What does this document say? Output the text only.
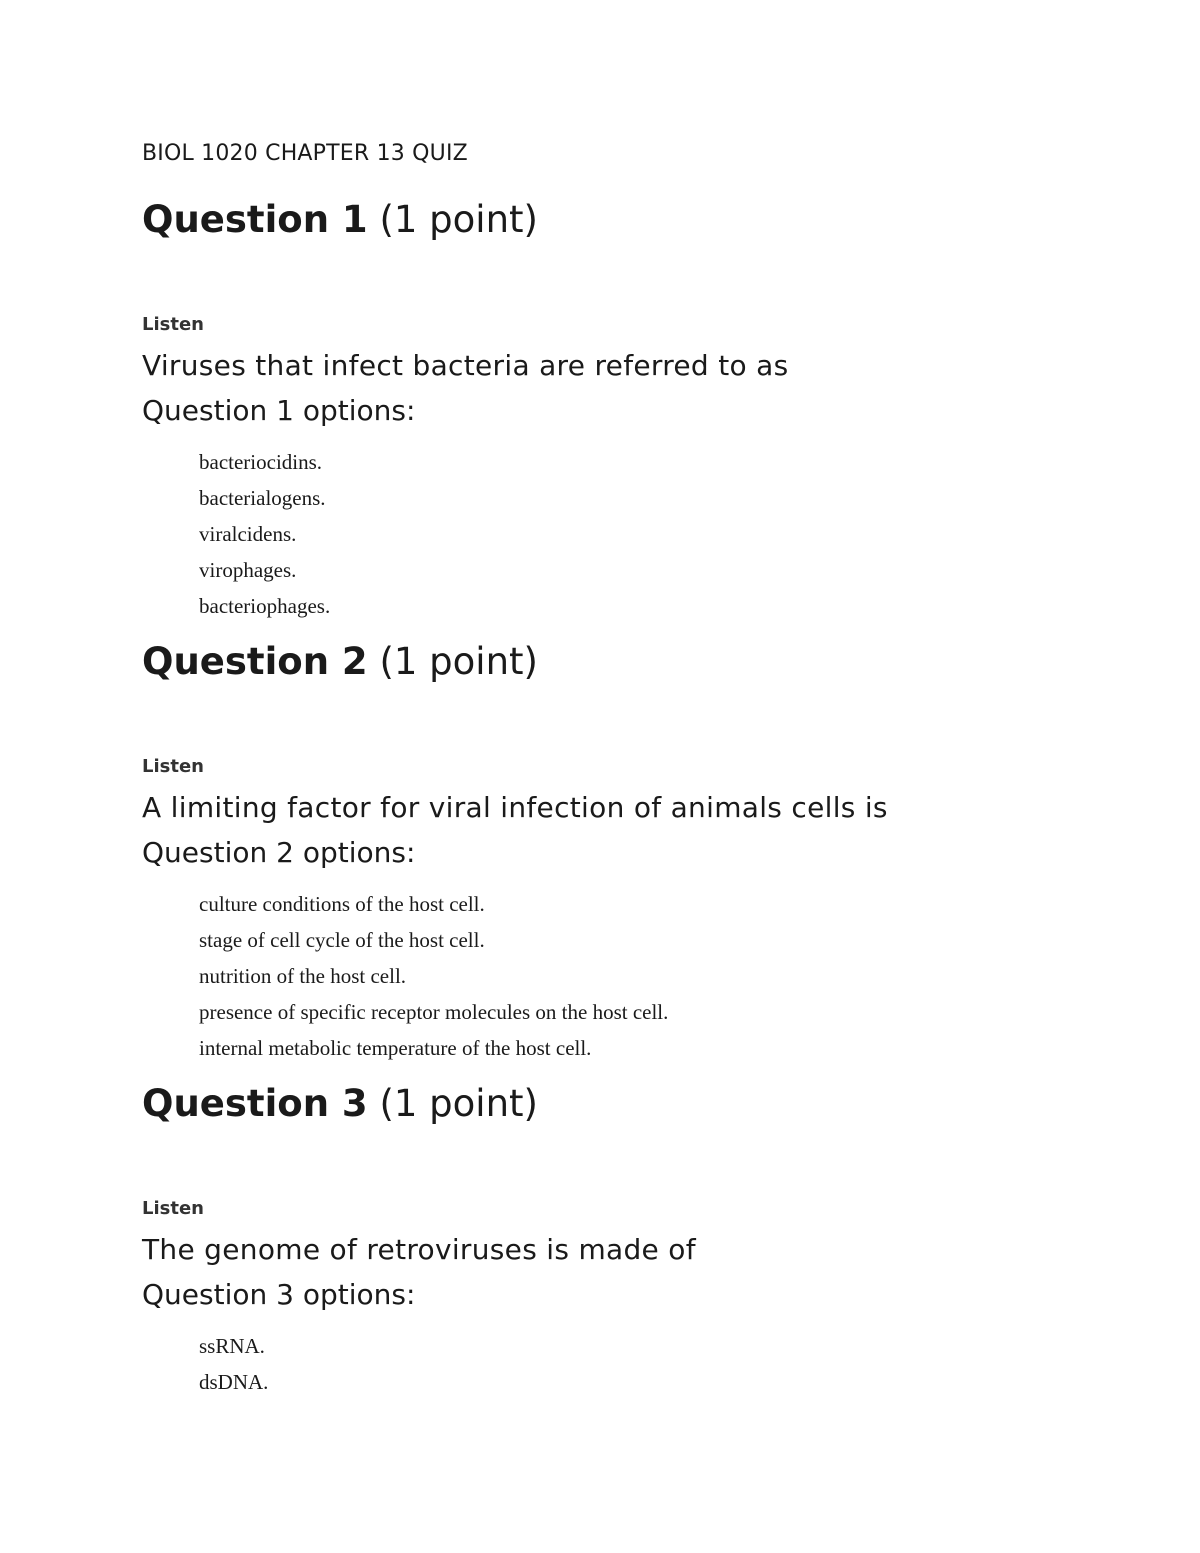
BIOL 1020 CHAPTER 13 QUIZ
Question 1 (1 point)
Listen
Viruses that infect bacteria are referred to as
Question 1 options:
bacteriocidins.
bacterialogens.
viralcidens.
virophages.
bacteriophages.
Question 2 (1 point)
Listen
A limiting factor for viral infection of animals cells is
Question 2 options:
culture conditions of the host cell.
stage of cell cycle of the host cell.
nutrition of the host cell.
presence of specific receptor molecules on the host cell.
internal metabolic temperature of the host cell.
Question 3 (1 point)
Listen
The genome of retroviruses is made of
Question 3 options:
ssRNA.
dsDNA.
